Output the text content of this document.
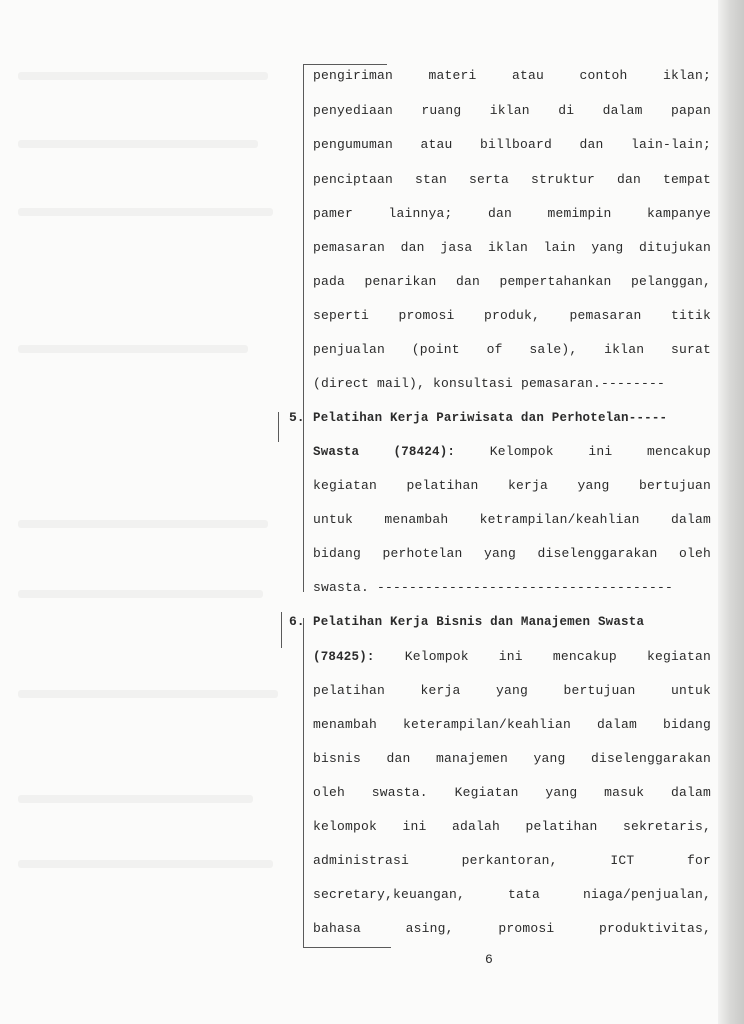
pengiriman materi atau contoh iklan;
penyediaan ruang iklan di dalam papan
pengumuman atau billboard dan lain-lain;
penciptaan stan serta struktur dan tempat
pamer lainnya; dan memimpin kampanye
pemasaran dan jasa iklan lain yang ditujukan
pada penarikan dan pempertahankan pelanggan,
seperti promosi produk, pemasaran titik
penjualan (point of sale), iklan surat
(direct mail), konsultasi pemasaran.--------
5. Pelatihan Kerja Pariwisata dan Perhotelan-----
Swasta (78424):	Kelompok ini mencakup
kegiatan pelatihan kerja yang bertujuan
untuk menambah ketrampilan/keahlian dalam
bidang perhotelan yang diselenggarakan oleh
swasta. -------------------------------------
6. Pelatihan Kerja Bisnis dan Manajemen Swasta
(78425): Kelompok ini mencakup kegiatan
pelatihan kerja yang bertujuan untuk
menambah keterampilan/keahlian dalam bidang
bisnis dan manajemen yang diselenggarakan
oleh swasta. Kegiatan yang masuk dalam
kelompok ini adalah pelatihan sekretaris,
administrasi perkantoran, ICT for
secretary,keuangan, tata niaga/penjualan,
bahasa asing, promosi produktivitas,
6
